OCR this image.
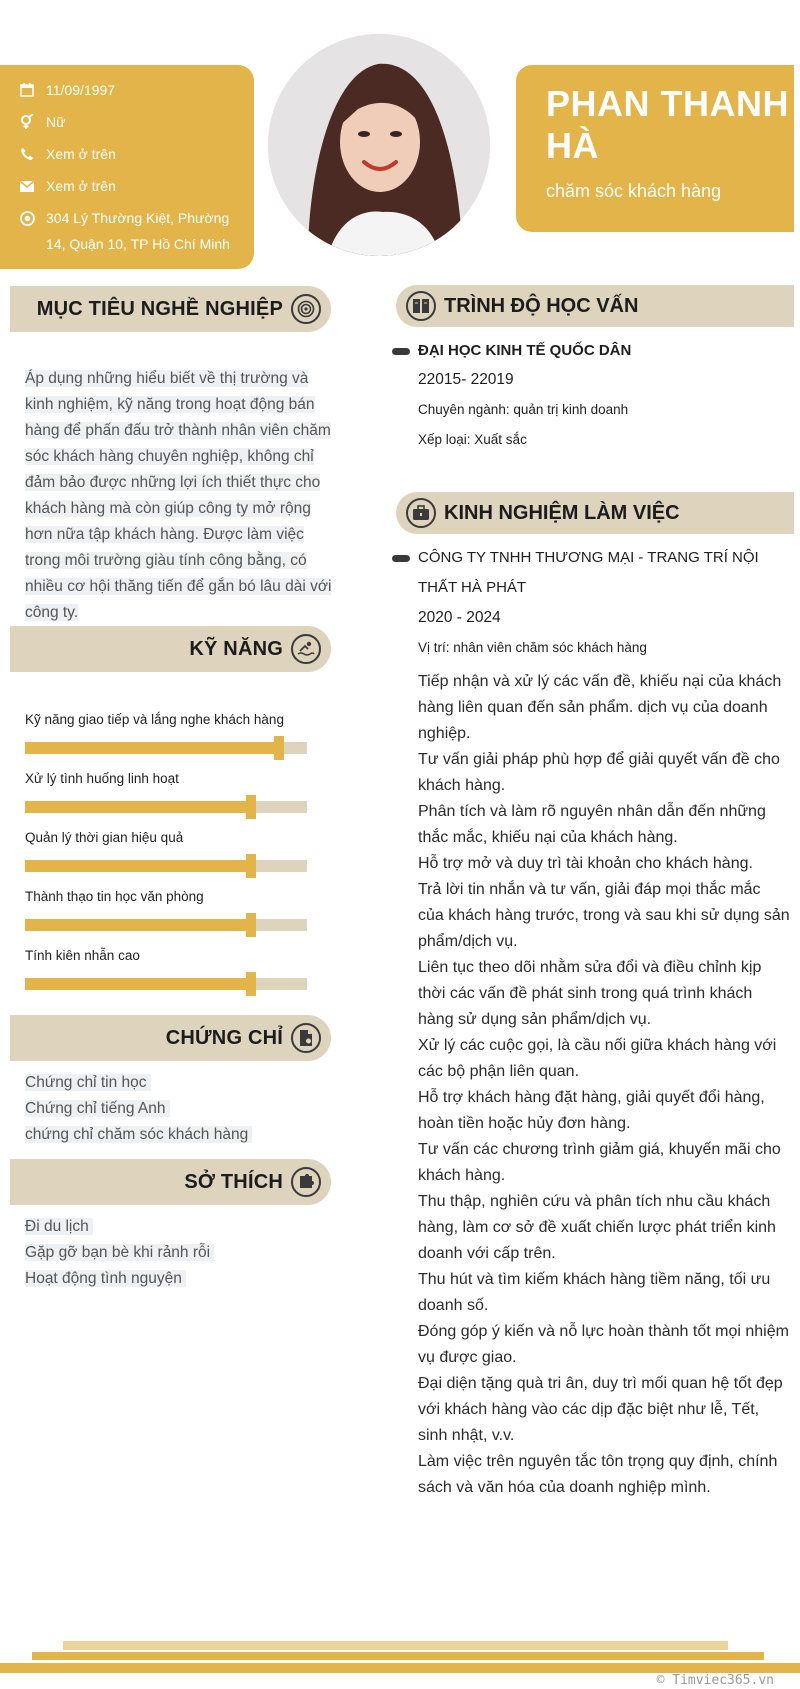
11/09/1997
Nữ
Xem ở trên
Xem ở trên
304 Lý Thường Kiệt, Phường 14, Quận 10, TP Hồ Chí Minh
PHAN THANH HÀ
chăm sóc khách hàng
MỤC TIÊU NGHỀ NGHIỆP
Áp dụng những hiểu biết về thị trường và kinh nghiệm, kỹ năng trong hoạt động bán hàng để phấn đấu trở thành nhân viên chăm sóc khách hàng chuyên nghiệp, không chỉ đảm bảo được những lợi ích thiết thực cho khách hàng mà còn giúp công ty mở rộng hơn nữa tập khách hàng. Được làm việc trong môi trường giàu tính công bằng, có nhiều cơ hội thăng tiến để gắn bó lâu dài với công ty.
KỸ NĂNG
Kỹ năng giao tiếp và lắng nghe khách hàng
Xử lý tình huống linh hoạt
Quản lý thời gian hiệu quả
Thành thạo tin học văn phòng
Tính kiên nhẫn cao
CHỨNG CHỈ
Chứng chỉ tin học
Chứng chỉ tiếng Anh
chứng chỉ chăm sóc khách hàng
SỞ THÍCH
Đi du lịch
Gặp gỡ bạn bè khi rảnh rỗi
Hoạt động tình nguyện
TRÌNH ĐỘ HỌC VẤN
ĐẠI HỌC KINH TẾ QUỐC DÂN
22015- 22019
Chuyên ngành: quản trị kinh doanh
Xếp loại: Xuất sắc
KINH NGHIỆM LÀM VIỆC
CÔNG TY TNHH THƯƠNG MẠI - TRANG TRÍ NỘI THẤT HÀ PHÁT
2020 - 2024
Vị trí: nhân viên chăm sóc khách hàng
Tiếp nhận và xử lý các vấn đề, khiếu nại của khách hàng liên quan đến sản phẩm. dịch vụ của doanh nghiệp.
Tư vấn giải pháp phù hợp để giải quyết vấn đề cho khách hàng.
Phân tích và làm rõ nguyên nhân dẫn đến những thắc mắc, khiếu nại của khách hàng.
Hỗ trợ mở và duy trì tài khoản cho khách hàng.
Trả lời tin nhắn và tư vấn, giải đáp mọi thắc mắc của khách hàng trước, trong và sau khi sử dụng sản phẩm/dịch vụ.
Liên tục theo dõi nhằm sửa đổi và điều chỉnh kịp thời các vấn đề phát sinh trong quá trình khách hàng sử dụng sản phẩm/dịch vụ.
Xử lý các cuộc gọi, là cầu nối giữa khách hàng với các bộ phận liên quan.
Hỗ trợ khách hàng đặt hàng, giải quyết đổi hàng, hoàn tiền hoặc hủy đơn hàng.
Tư vấn các chương trình giảm giá, khuyến mãi cho khách hàng.
Thu thập, nghiên cứu và phân tích nhu cầu khách hàng, làm cơ sở đề xuất chiến lược phát triển kinh doanh với cấp trên.
Thu hút và tìm kiếm khách hàng tiềm năng, tối ưu doanh số.
Đóng góp ý kiến và nỗ lực hoàn thành tốt mọi nhiệm vụ được giao.
Đại diện tặng quà tri ân, duy trì mối quan hệ tốt đẹp với khách hàng vào các dịp đặc biệt như lễ, Tết, sinh nhật, v.v.
Làm việc trên nguyên tắc tôn trọng quy định, chính sách và văn hóa của doanh nghiệp mình.
© Timviec365.vn
